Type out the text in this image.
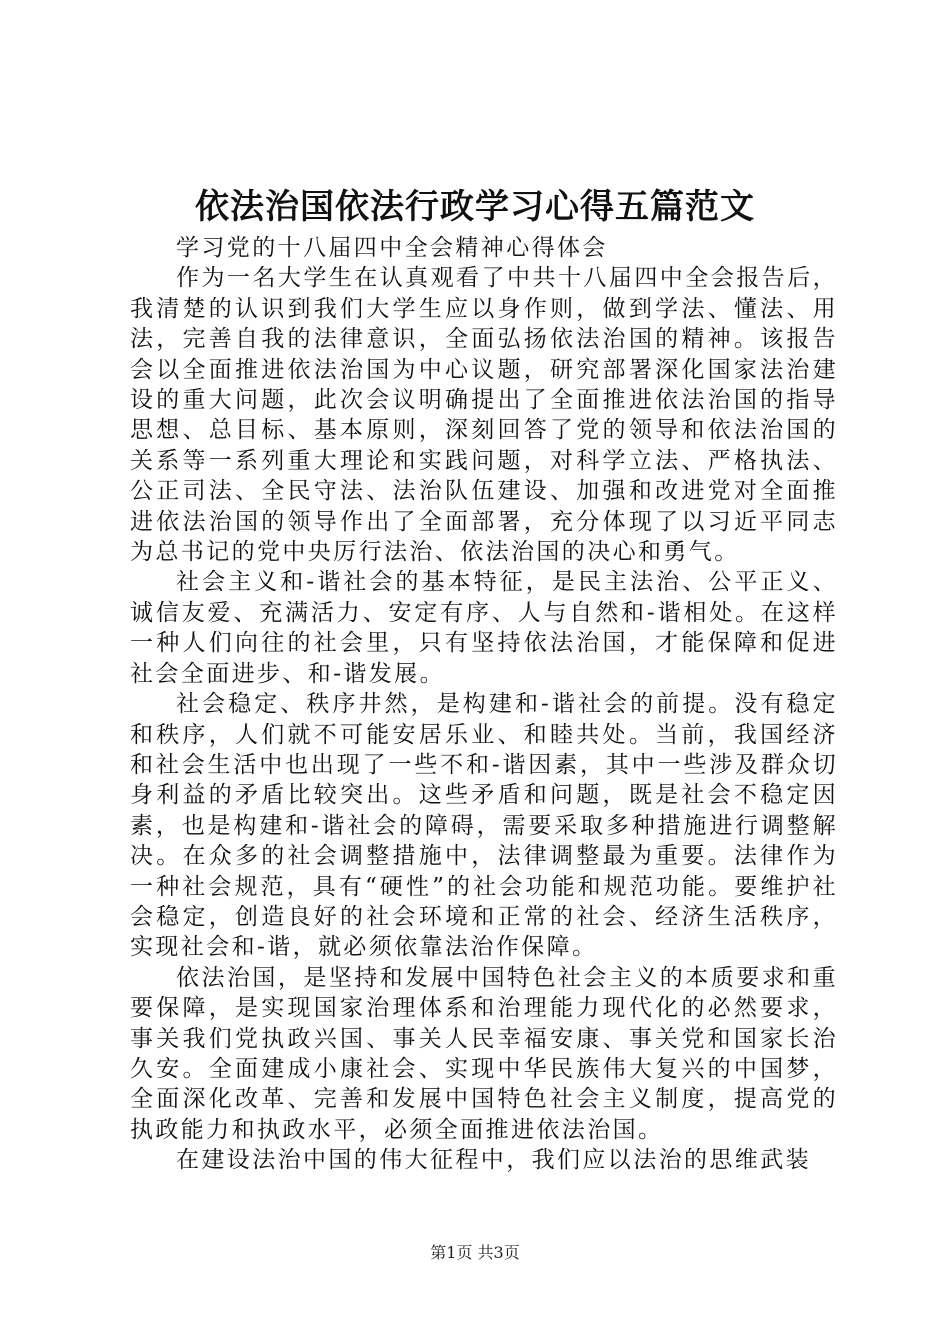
依法治国依法行政学习心得五篇范文

学习党的十八届四中全会精神心得体会

作为一名大学生在认真观看了中共十八届四中全会报告后，我清楚的认识到我们大学生应以身作则，做到学法、懂法、用法，完善自我的法律意识，全面弘扬依法治国的精神。该报告会以全面推进依法治国为中心议题，研究部署深化国家法治建设的重大问题，此次会议明确提出了全面推进依法治国的指导思想、总目标、基本原则，深刻回答了党的领导和依法治国的关系等一系列重大理论和实践问题，对科学立法、严格执法、公正司法、全民守法、法治队伍建设、加强和改进党对全面推进依法治国的领导作出了全面部署，充分体现了以习近平同志为总书记的党中央厉行法治、依法治国的决心和勇气。

社会主义和-谐社会的基本特征，是民主法治、公平正义、诚信友爱、充满活力、安定有序、人与自然和-谐相处。在这样一种人们向往的社会里，只有坚持依法治国，才能保障和促进社会全面进步、和-谐发展。

社会稳定、秩序井然，是构建和-谐社会的前提。没有稳定和秩序，人们就不可能安居乐业、和睦共处。当前，我国经济和社会生活中也出现了一些不和-谐因素，其中一些涉及群众切身利益的矛盾比较突出。这些矛盾和问题，既是社会不稳定因素，也是构建和-谐社会的障碍，需要采取多种措施进行调整解决。在众多的社会调整措施中，法律调整最为重要。法律作为一种社会规范，具有“硬性”的社会功能和规范功能。要维护社会稳定，创造良好的社会环境和正常的社会、经济生活秩序，实现社会和-谐，就必须依靠法治作保障。

依法治国，是坚持和发展中国特色社会主义的本质要求和重要保障，是实现国家治理体系和治理能力现代化的必然要求，事关我们党执政兴国、事关人民幸福安康、事关党和国家长治久安。全面建成小康社会、实现中华民族伟大复兴的中国梦，全面深化改革、完善和发展中国特色社会主义制度，提高党的执政能力和执政水平，必须全面推进依法治国。

在建设法治中国的伟大征程中，我们应以法治的思维武装

第1页 共3页
